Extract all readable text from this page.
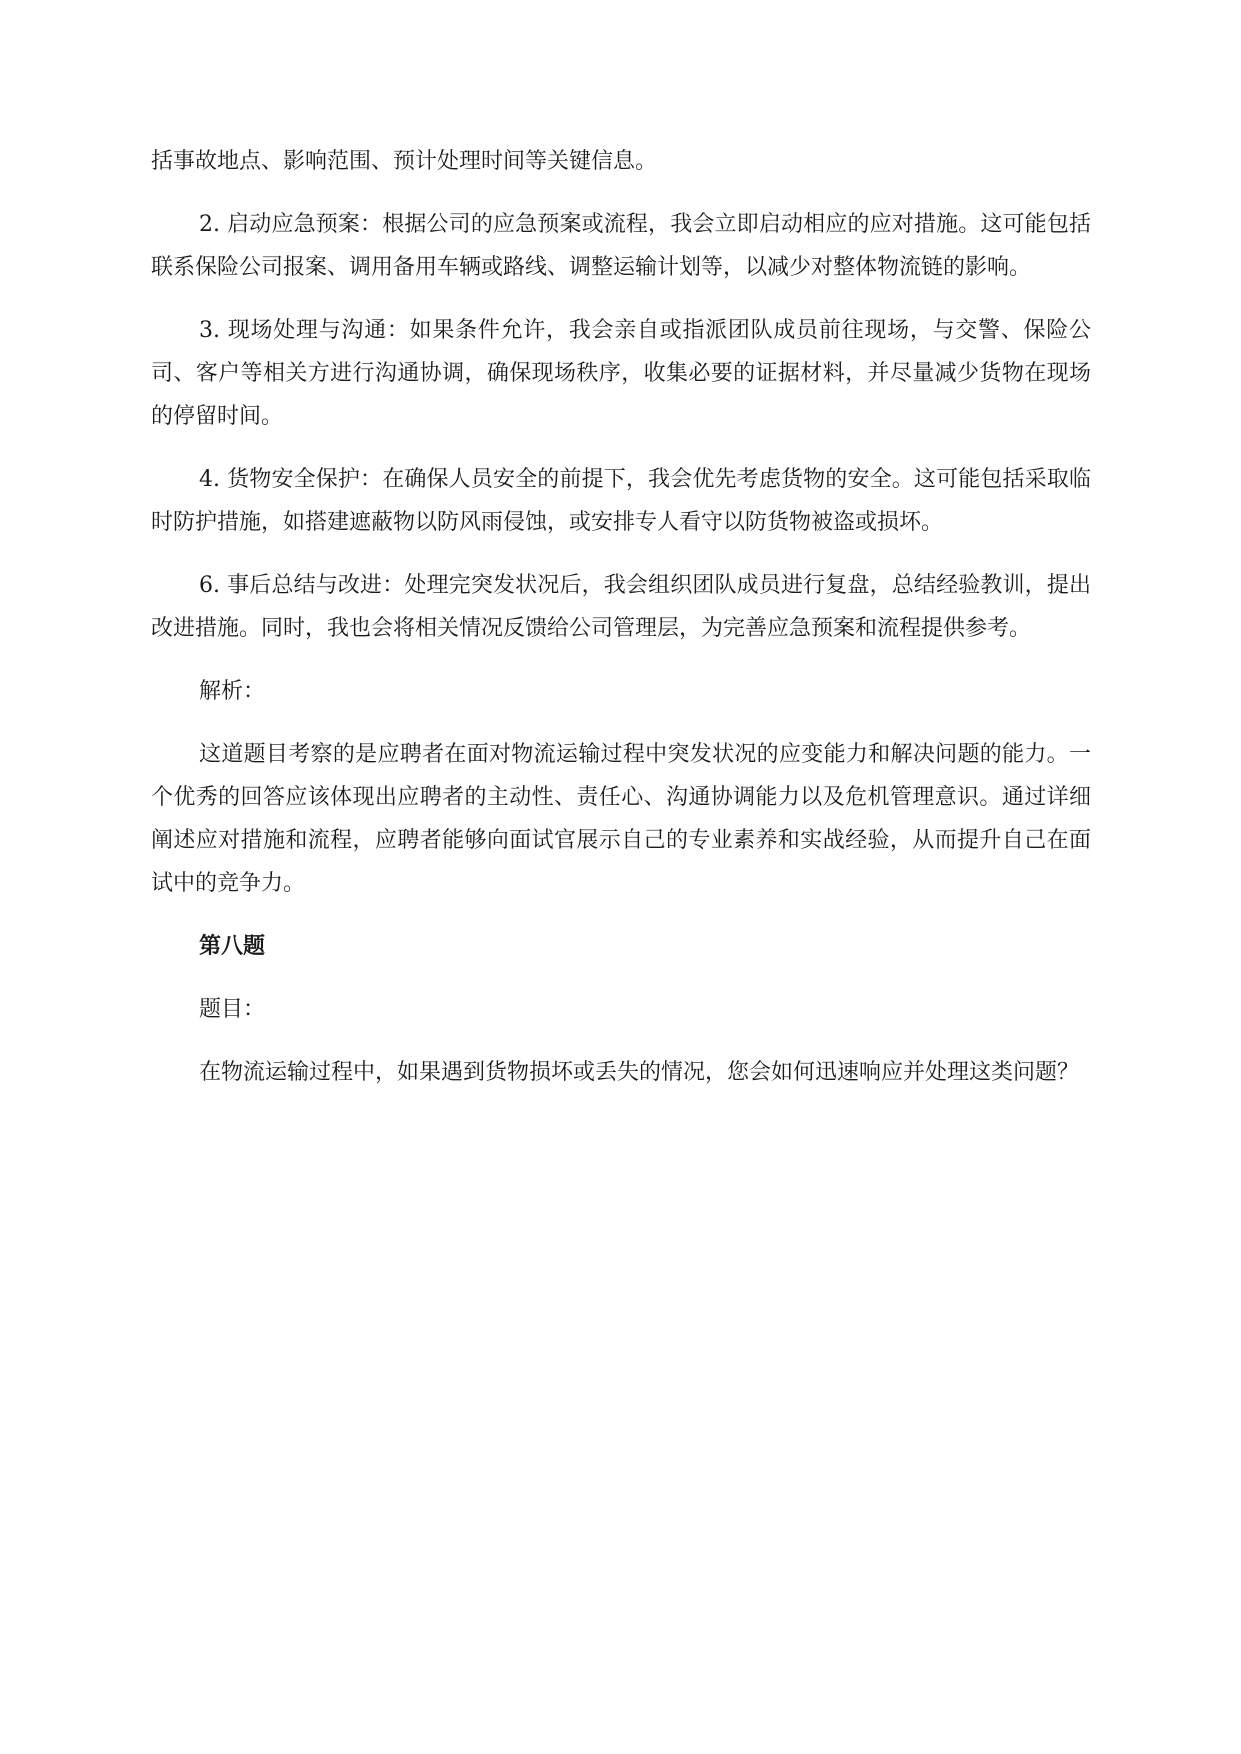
括事故地点、影响范围、预计处理时间等关键信息。

2. 启动应急预案：根据公司的应急预案或流程，我会立即启动相应的应对措施。这可能包括联系保险公司报案、调用备用车辆或路线、调整运输计划等，以减少对整体物流链的影响。

3. 现场处理与沟通：如果条件允许，我会亲自或指派团队成员前往现场，与交警、保险公司、客户等相关方进行沟通协调，确保现场秩序，收集必要的证据材料，并尽量减少货物在现场的停留时间。

4. 货物安全保护：在确保人员安全的前提下，我会优先考虑货物的安全。这可能包括采取临时防护措施，如搭建遮蔽物以防风雨侵蚀，或安排专人看守以防货物被盗或损坏。

6. 事后总结与改进：处理完突发状况后，我会组织团队成员进行复盘，总结经验教训，提出改进措施。同时，我也会将相关情况反馈给公司管理层，为完善应急预案和流程提供参考。

解析：

这道题目考察的是应聘者在面对物流运输过程中突发状况的应变能力和解决问题的能力。一个优秀的回答应该体现出应聘者的主动性、责任心、沟通协调能力以及危机管理意识。通过详细阐述应对措施和流程，应聘者能够向面试官展示自己的专业素养和实战经验，从而提升自己在面试中的竞争力。

第八题

题目：

在物流运输过程中，如果遇到货物损坏或丢失的情况，您会如何迅速响应并处理这类问题？
